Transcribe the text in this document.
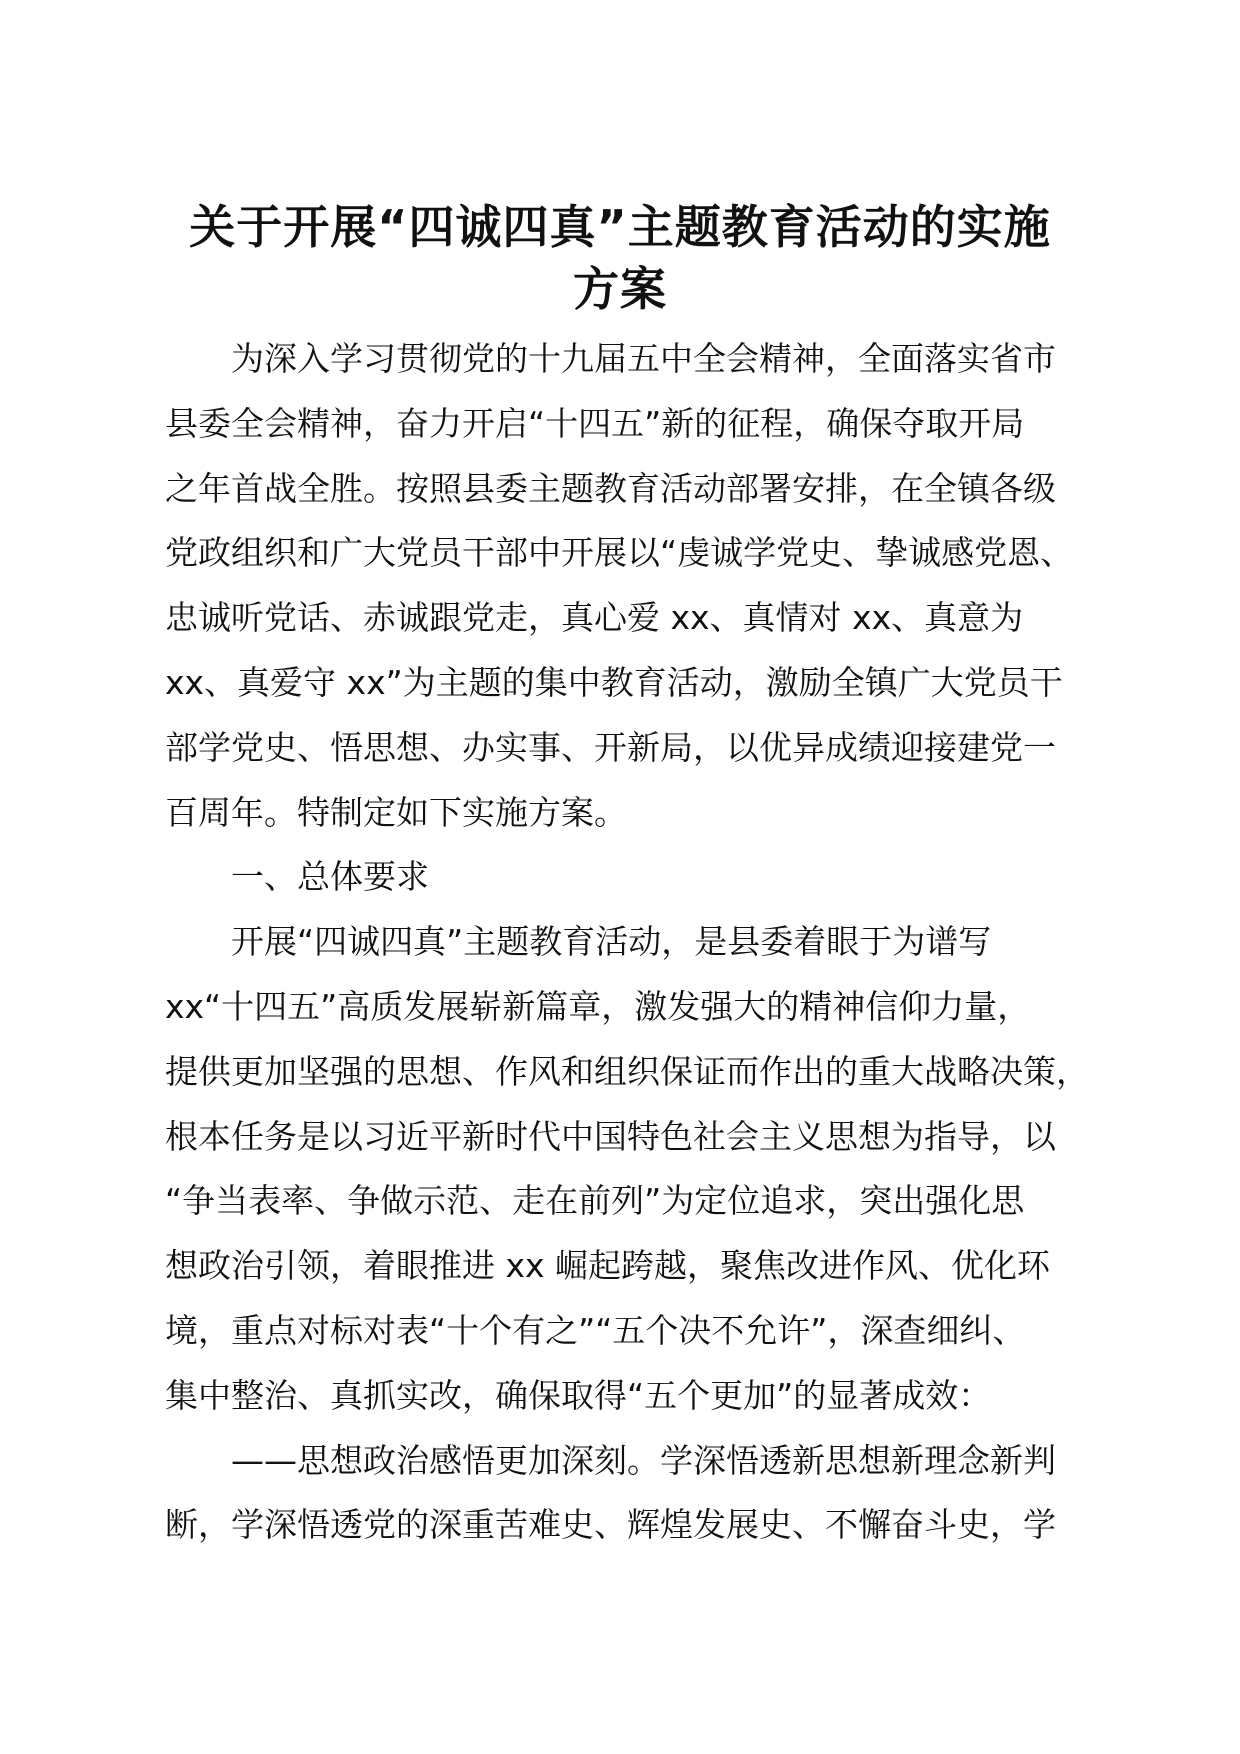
关于开展“四诚四真”主题教育活动的实施
方案
为深入学习贯彻党的十九届五中全会精神，全面落实省市
县委全会精神，奋力开启“十四五”新的征程，确保夺取开局
之年首战全胜。按照县委主题教育活动部署安排，在全镇各级
党政组织和广大党员干部中开展以“虔诚学党史、挚诚感党恩、
忠诚听党话、赤诚跟党走，真心爱 xx、真情对 xx、真意为
xx、真爱守 xx”为主题的集中教育活动，激励全镇广大党员干
部学党史、悟思想、办实事、开新局，以优异成绩迎接建党一
百周年。特制定如下实施方案。
一、总体要求
开展“四诚四真”主题教育活动，是县委着眼于为谱写
xx“十四五”高质发展崭新篇章，激发强大的精神信仰力量，
提供更加坚强的思想、作风和组织保证而作出的重大战略决策，
根本任务是以习近平新时代中国特色社会主义思想为指导，以
“争当表率、争做示范、走在前列”为定位追求，突出强化思
想政治引领，着眼推进 xx 崛起跨越，聚焦改进作风、优化环
境，重点对标对表“十个有之”“五个决不允许”，深查细纠、
集中整治、真抓实改，确保取得“五个更加”的显著成效：
——思想政治感悟更加深刻。学深悟透新思想新理念新判
断，学深悟透党的深重苦难史、辉煌发展史、不懈奋斗史，学
